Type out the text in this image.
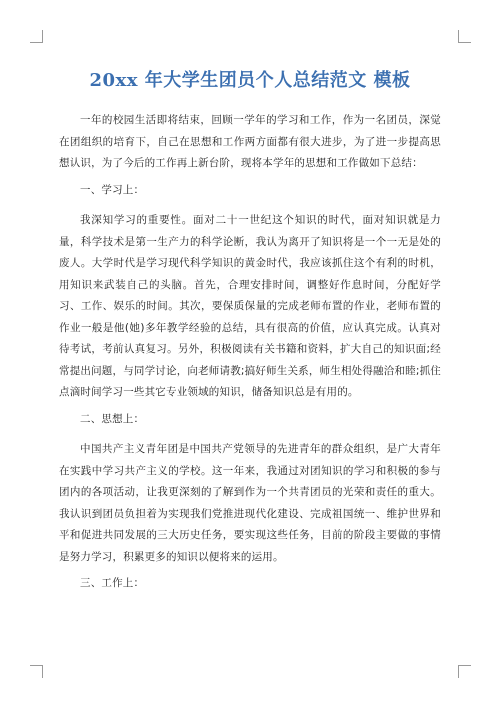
20xx 年大学生团员个人总结范文 模板

一年的校园生活即将结束，回顾一学年的学习和工作，作为一名团员，深觉在团组织的培育下，自己在思想和工作两方面都有很大进步，为了进一步提高思想认识，为了今后的工作再上新台阶，现将本学年的思想和工作做如下总结：

一、学习上：

我深知学习的重要性。面对二十一世纪这个知识的时代，面对知识就是力量，科学技术是第一生产力的科学论断，我认为离开了知识将是一个一无是处的废人。大学时代是学习现代科学知识的黄金时代，我应该抓住这个有利的时机，用知识来武装自己的头脑。首先，合理安排时间，调整好作息时间，分配好学习、工作、娱乐的时间。其次，要保质保量的完成老师布置的作业，老师布置的作业一般是他(她)多年教学经验的总结，具有很高的价值，应认真完成。认真对待考试，考前认真复习。另外，积极阅读有关书籍和资料，扩大自己的知识面;经常提出问题，与同学讨论，向老师请教;搞好师生关系，师生相处得融洽和睦;抓住点滴时间学习一些其它专业领域的知识，储备知识总是有用的。

二、思想上：

中国共产主义青年团是中国共产党领导的先进青年的群众组织，是广大青年在实践中学习共产主义的学校。这一年来，我通过对团知识的学习和积极的参与团内的各项活动，让我更深刻的了解到作为一个共青团员的光荣和责任的重大。我认识到团员负担着为实现我们党推进现代化建设、完成祖国统一、维护世界和平和促进共同发展的三大历史任务，要实现这些任务，目前的阶段主要做的事情是努力学习，积累更多的知识以便将来的运用。

三、工作上：
